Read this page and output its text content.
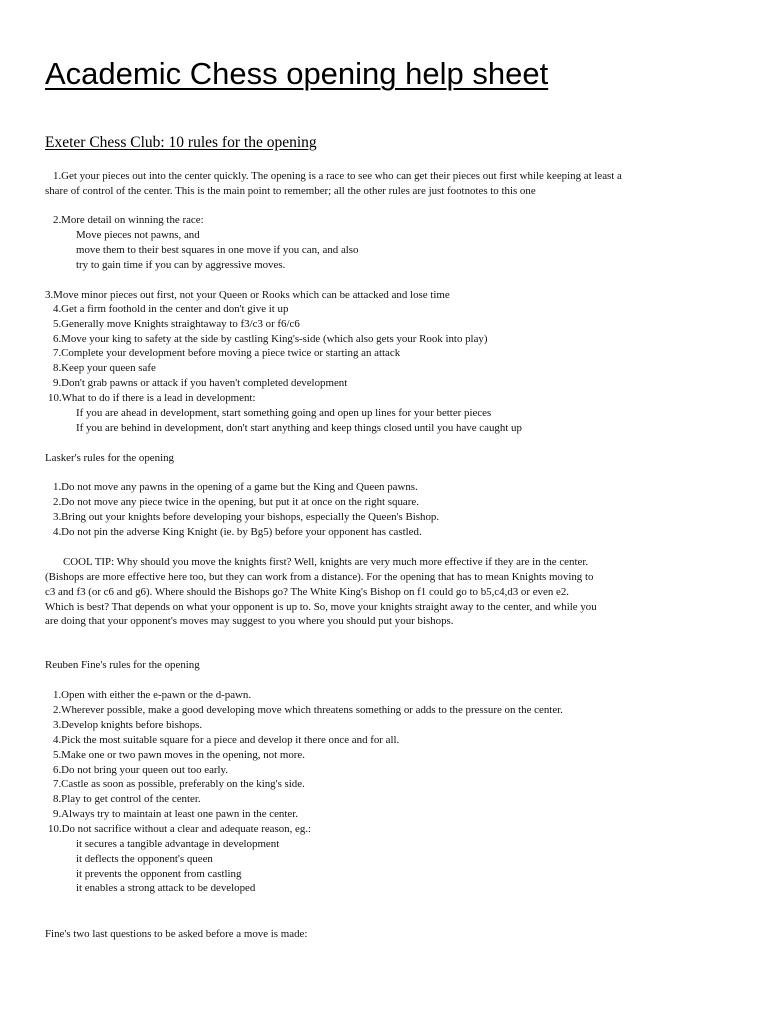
Academic Chess opening help sheet
Exeter Chess Club: 10 rules for the opening
1.Get your pieces out into the center quickly. The opening is a race to see who can get their pieces out first while keeping at least a
share of control of the center. This is the main point to remember; all the other rules are just footnotes to this one
2.More detail on winning the race:
Move pieces not pawns, and
move them to their best squares in one move if you can, and also
try to gain time if you can by aggressive moves.
3.Move minor pieces out first, not your Queen or Rooks which can be attacked and lose time
4.Get a firm foothold in the center and don't give it up
5.Generally move Knights straightaway to f3/c3 or f6/c6
6.Move your king to safety at the side by castling King's-side (which also gets your Rook into play)
7.Complete your development before moving a piece twice or starting an attack
8.Keep your queen safe
9.Don't grab pawns or attack if you haven't completed development
10.What to do if there is a lead in development:
If you are ahead in development, start something going and open up lines for your better pieces
If you are behind in development, don't start anything and keep things closed until you have caught up
Lasker's rules for the opening
1.Do not move any pawns in the opening of a game but the King and Queen pawns.
2.Do not move any piece twice in the opening, but put it at once on the right square.
3.Bring out your knights before developing your bishops, especially the Queen's Bishop.
4.Do not pin the adverse King Knight (ie. by Bg5) before your opponent has castled.
COOL TIP: Why should you move the knights first? Well, knights are very much more effective if they are in the center.
(Bishops are more effective here too, but they can work from a distance). For the opening that has to mean Knights moving to
c3 and f3 (or c6 and g6). Where should the Bishops go? The White King's Bishop on f1 could go to b5,c4,d3 or even e2.
Which is best? That depends on what your opponent is up to. So, move your knights straight away to the center, and while you
are doing that your opponent's moves may suggest to you where you should put your bishops.
Reuben Fine's rules for the opening
1.Open with either the e-pawn or the d-pawn.
2.Wherever possible, make a good developing move which threatens something or adds to the pressure on the center.
3.Develop knights before bishops.
4.Pick the most suitable square for a piece and develop it there once and for all.
5.Make one or two pawn moves in the opening, not more.
6.Do not bring your queen out too early.
7.Castle as soon as possible, preferably on the king's side.
8.Play to get control of the center.
9.Always try to maintain at least one pawn in the center.
10.Do not sacrifice without a clear and adequate reason, eg.:
it secures a tangible advantage in development
it deflects the opponent's queen
it prevents the opponent from castling
it enables a strong attack to be developed
Fine's two last questions to be asked before a move is made:
